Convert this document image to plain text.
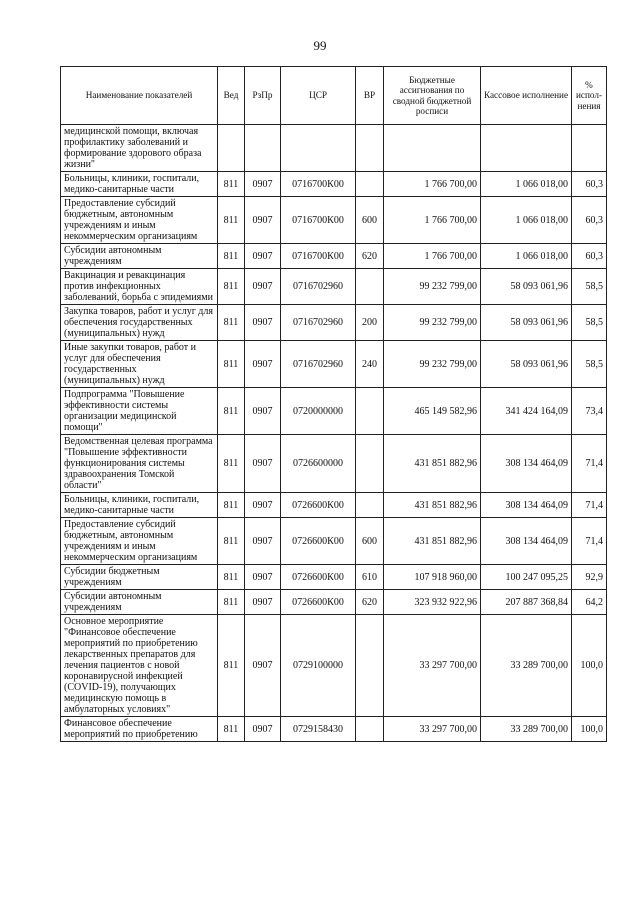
99
Наименование показателей	Вед	РзПр	ЦСР	ВР	Бюджетные ассигнования по сводной бюджетной росписи	Кассовое исполнение	% испол-нения
медицинской помощи, включая профилактику заболеваний и формирование здорового образа жизни"							
Больницы, клиники, госпитали, медико-санитарные части	811	0907	0716700К00		1 766 700,00	1 066 018,00	60,3
Предоставление субсидий бюджетным, автономным учреждениям и иным некоммерческим организациям	811	0907	0716700К00	600	1 766 700,00	1 066 018,00	60,3
Субсидии автономным учреждениям	811	0907	0716700К00	620	1 766 700,00	1 066 018,00	60,3
Вакцинация и ревакцинация против инфекционных заболеваний, борьба с эпидемиями	811	0907	0716702960		99 232 799,00	58 093 061,96	58,5
Закупка товаров, работ и услуг для обеспечения государственных (муниципальных) нужд	811	0907	0716702960	200	99 232 799,00	58 093 061,96	58,5
Иные закупки товаров, работ и услуг для обеспечения государственных (муниципальных) нужд	811	0907	0716702960	240	99 232 799,00	58 093 061,96	58,5
Подпрограмма "Повышение эффективности системы организации медицинской помощи"	811	0907	0720000000		465 149 582,96	341 424 164,09	73,4
Ведомственная целевая программа "Повышение эффективности функционирования системы здравоохранения Томской области"	811	0907	0726600000		431 851 882,96	308 134 464,09	71,4
Больницы, клиники, госпитали, медико-санитарные части	811	0907	0726600К00		431 851 882,96	308 134 464,09	71,4
Предоставление субсидий бюджетным, автономным учреждениям и иным некоммерческим организациям	811	0907	0726600К00	600	431 851 882,96	308 134 464,09	71,4
Субсидии бюджетным учреждениям	811	0907	0726600К00	610	107 918 960,00	100 247 095,25	92,9
Субсидии автономным учреждениям	811	0907	0726600К00	620	323 932 922,96	207 887 368,84	64,2
Основное мероприятие "Финансовое обеспечение мероприятий по приобретению лекарственных препаратов для лечения пациентов с новой коронавирусной инфекцией (COVID-19), получающих медицинскую помощь в амбулаторных условиях"	811	0907	0729100000		33 297 700,00	33 289 700,00	100,0
Финансовое обеспечение мероприятий по приобретению	811	0907	0729158430		33 297 700,00	33 289 700,00	100,0
